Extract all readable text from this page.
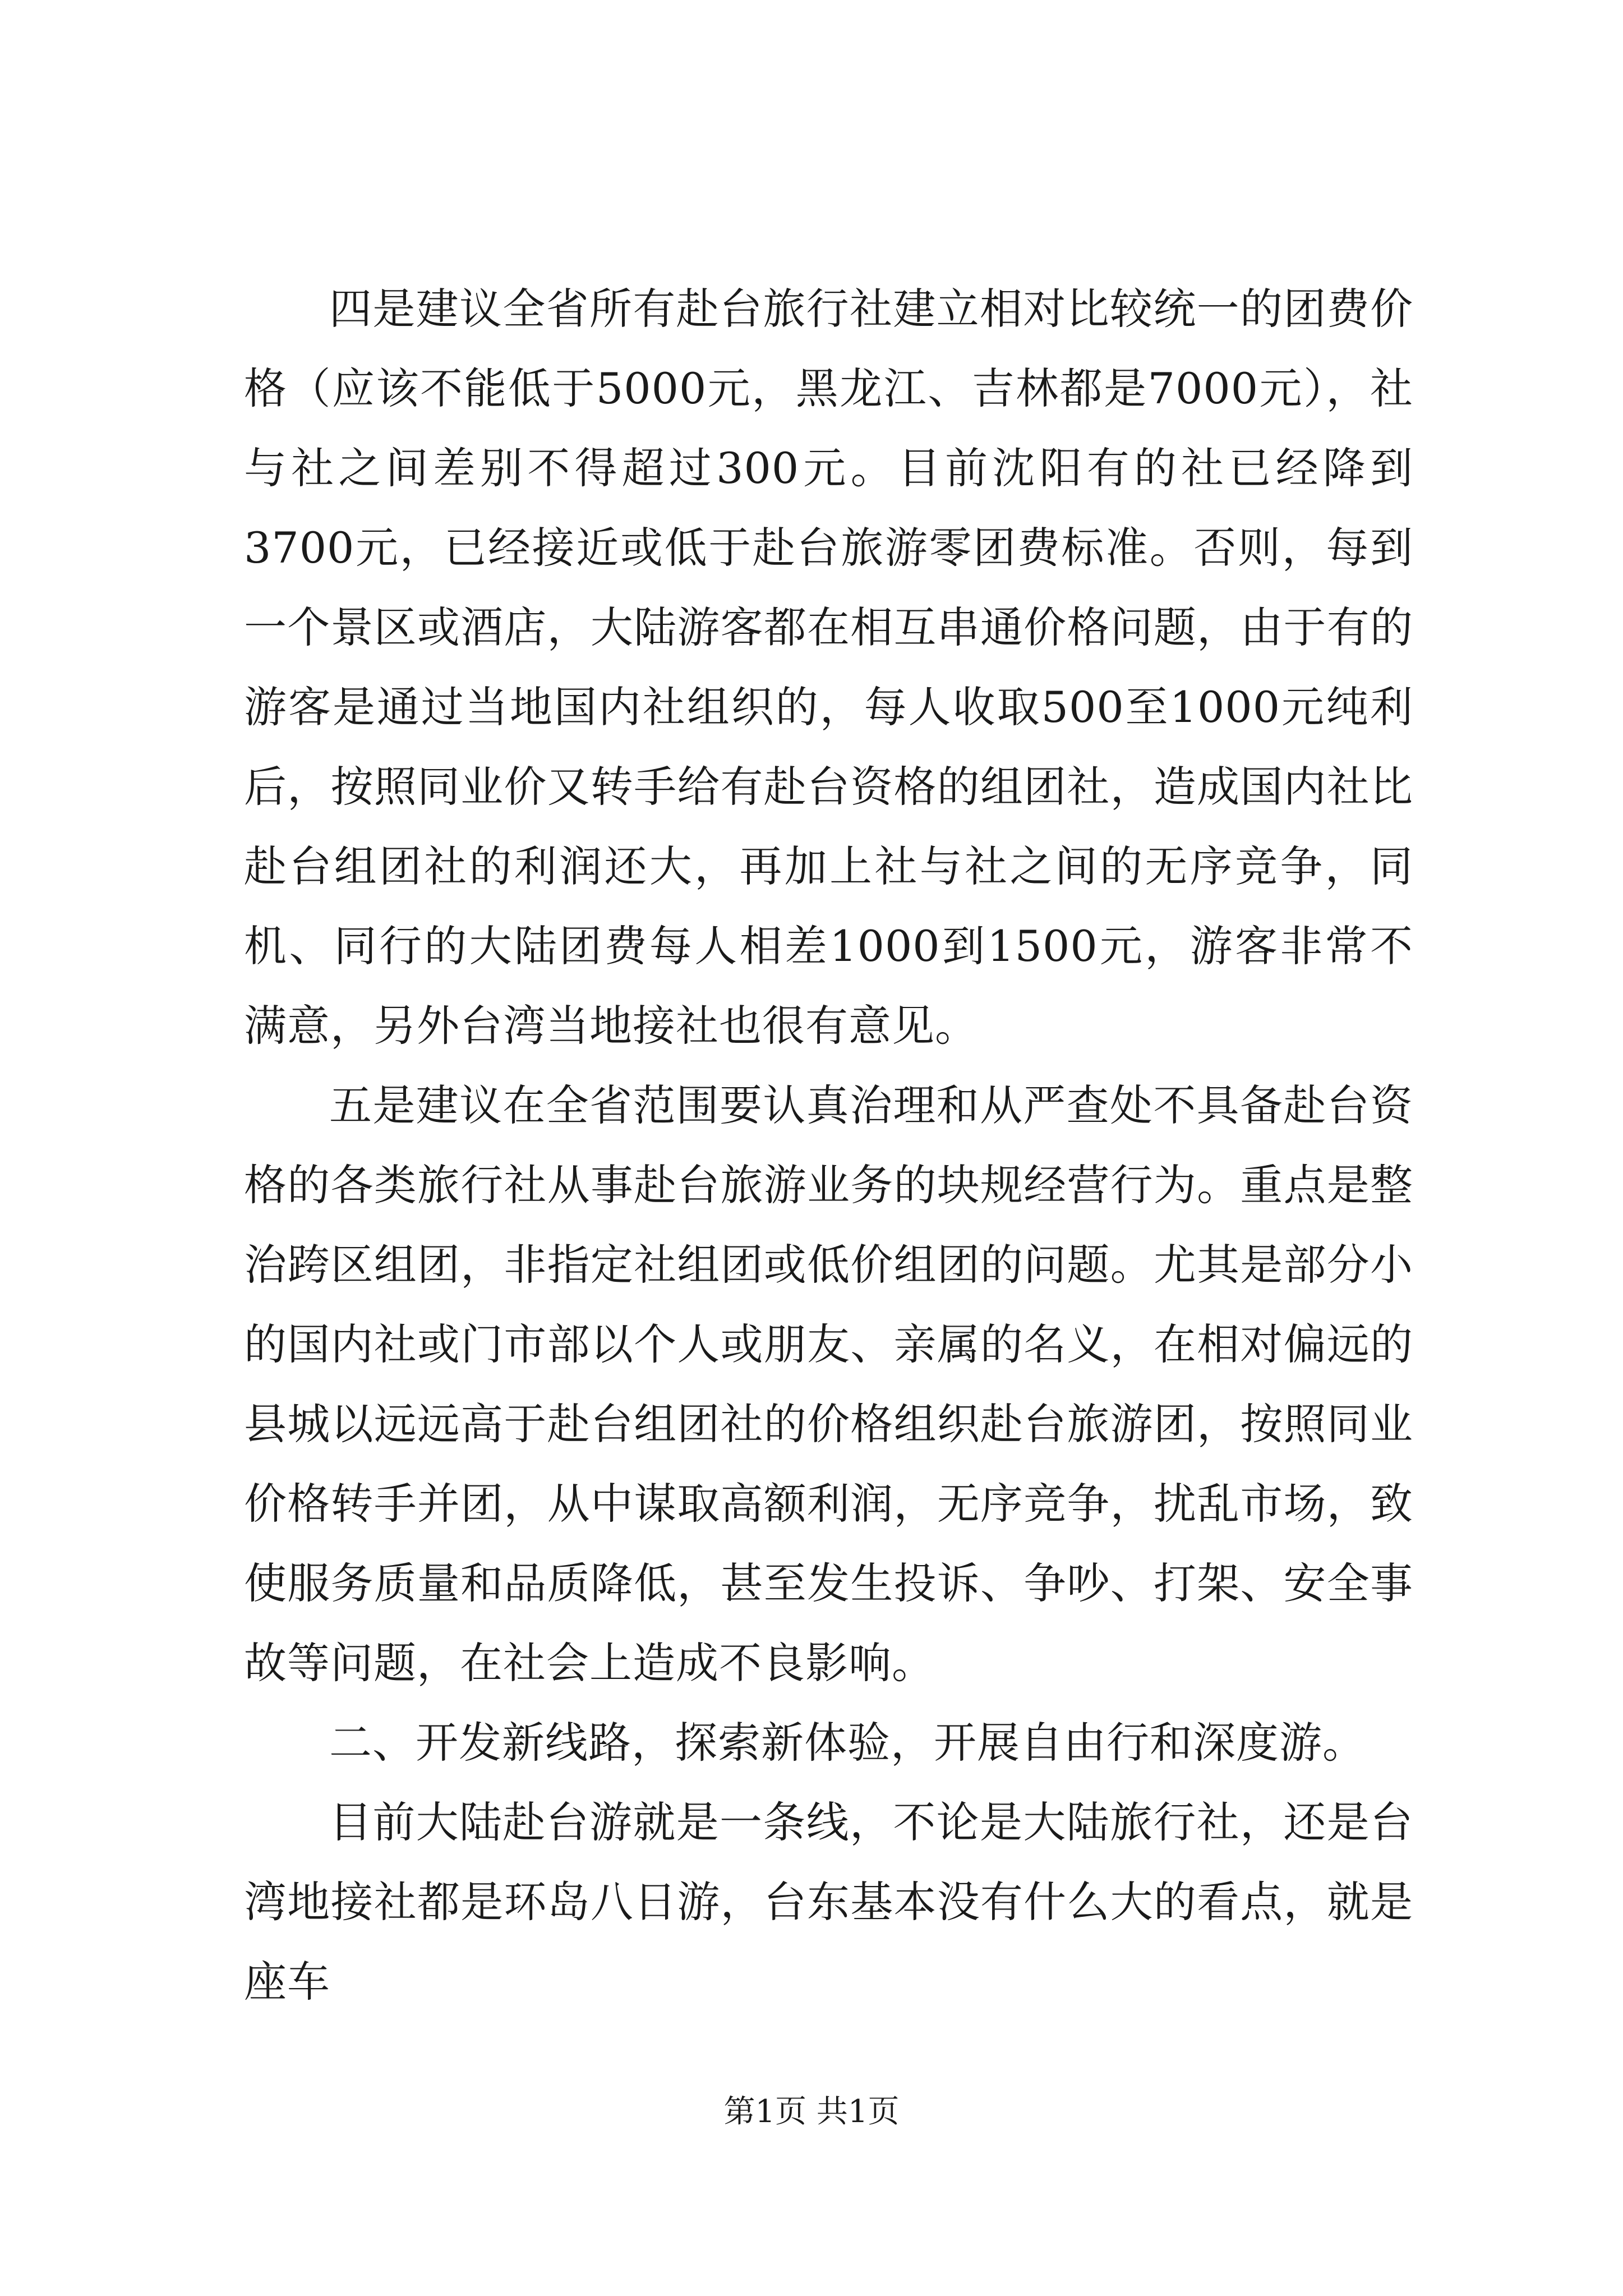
四是建议全省所有赴台旅行社建立相对比较统一的团费价格（应该不能低于5000元，黑龙江、吉林都是7000元），社与社之间差别不得超过300元。目前沈阳有的社已经降到3700元，已经接近或低于赴台旅游零团费标准。否则，每到一个景区或酒店，大陆游客都在相互串通价格问题，由于有的游客是通过当地国内社组织的，每人收取500至1000元纯利后，按照同业价又转手给有赴台资格的组团社，造成国内社比赴台组团社的利润还大，再加上社与社之间的无序竞争，同机、同行的大陆团费每人相差1000到1500元，游客非常不满意，另外台湾当地接社也很有意见。

五是建议在全省范围要认真治理和从严查处不具备赴台资格的各类旅行社从事赴台旅游业务的块规经营行为。重点是整治跨区组团，非指定社组团或低价组团的问题。尤其是部分小的国内社或门市部以个人或朋友、亲属的名义，在相对偏远的县城以远远高于赴台组团社的价格组织赴台旅游团，按照同业价格转手并团，从中谋取高额利润，无序竞争，扰乱市场，致使服务质量和品质降低，甚至发生投诉、争吵、打架、安全事故等问题，在社会上造成不良影响。

二、开发新线路，探索新体验，开展自由行和深度游。

目前大陆赴台游就是一条线，不论是大陆旅行社，还是台湾地接社都是环岛八日游，台东基本没有什么大的看点，就是座车

第1页 共1页
